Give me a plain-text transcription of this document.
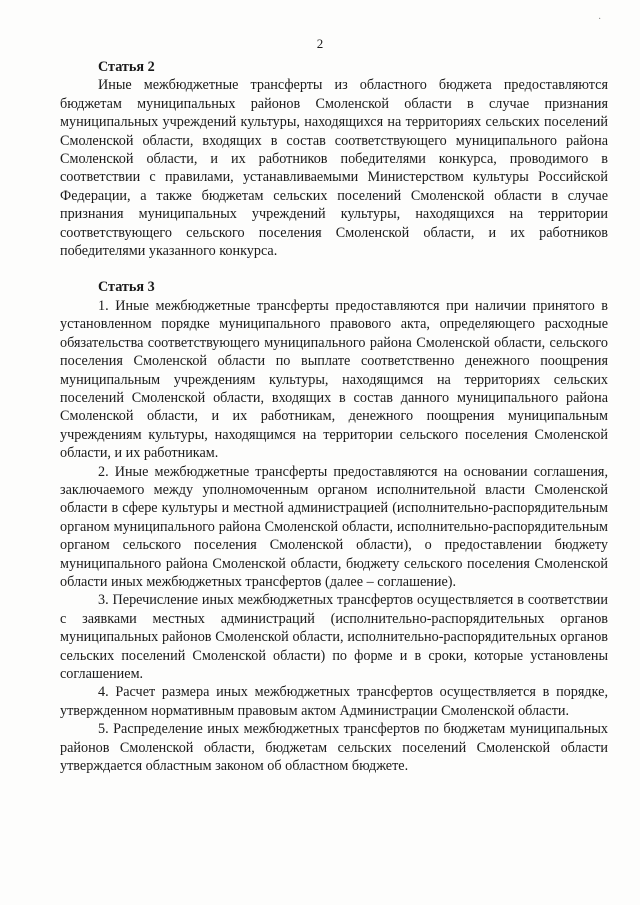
2
·

Статья 2

Иные межбюджетные трансферты из областного бюджета предоставляются бюджетам муниципальных районов Смоленской области в случае признания муниципальных учреждений культуры, находящихся на территориях сельских поселений Смоленской области, входящих в состав соответствующего муниципального района Смоленской области, и их работников победителями конкурса, проводимого в соответствии с правилами, устанавливаемыми Министерством культуры Российской Федерации, а также бюджетам сельских поселений Смоленской области в случае признания муниципальных учреждений культуры, находящихся на территории соответствующего сельского поселения Смоленской области, и их работников победителями указанного конкурса.

Статья 3

1. Иные межбюджетные трансферты предоставляются при наличии принятого в установленном порядке муниципального правового акта, определяющего расходные обязательства соответствующего муниципального района Смоленской области, сельского поселения Смоленской области по выплате соответственно денежного поощрения муниципальным учреждениям культуры, находящимся на территориях сельских поселений Смоленской области, входящих в состав данного муниципального района Смоленской области, и их работникам, денежного поощрения муниципальным учреждениям культуры, находящимся на территории сельского поселения Смоленской области, и их работникам.

2. Иные межбюджетные трансферты предоставляются на основании соглашения, заключаемого между уполномоченным органом исполнительной власти Смоленской области в сфере культуры и местной администрацией (исполнительно-распорядительным органом муниципального района Смоленской области, исполнительно-распорядительным органом сельского поселения Смоленской области), о предоставлении бюджету муниципального района Смоленской области, бюджету сельского поселения Смоленской области иных межбюджетных трансфертов (далее – соглашение).

3. Перечисление иных межбюджетных трансфертов осуществляется в соответствии с заявками местных администраций (исполнительно-распорядительных органов муниципальных районов Смоленской области, исполнительно-распорядительных органов сельских поселений Смоленской области) по форме и в сроки, которые установлены соглашением.

4. Расчет размера иных межбюджетных трансфертов осуществляется в порядке, утвержденном нормативным правовым актом Администрации Смоленской области.

5. Распределение иных межбюджетных трансфертов по бюджетам муниципальных районов Смоленской области, бюджетам сельских поселений Смоленской области утверждается областным законом об областном бюджете.
